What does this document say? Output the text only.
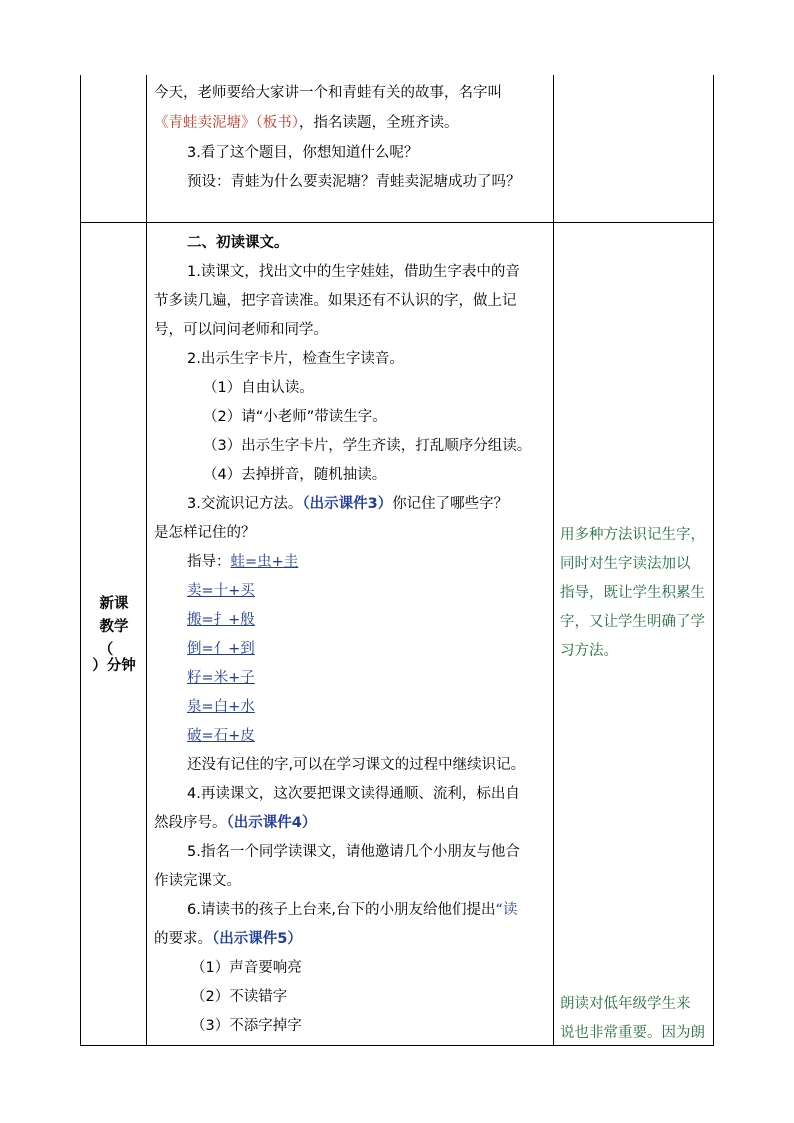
今天，老师要给大家讲一个和青蛙有关的故事，名字叫
《青蛙卖泥塘》（板书），指名读题，全班齐读。
3.看了这个题目，你想知道什么呢？
预设：青蛙为什么要卖泥塘？青蛙卖泥塘成功了吗？
新课
教学
（
）分钟
二、初读课文。
1.读课文，找出文中的生字娃娃，借助生字表中的音
节多读几遍，把字音读准。如果还有不认识的字，做上记
号，可以问问老师和同学。
2.出示生字卡片，检查生字读音。
（1）自由认读。
（2）请“小老师”带读生字。
（3）出示生字卡片，学生齐读，打乱顺序分组读。
（4）去掉拼音，随机抽读。
3.交流识记方法。（出示课件3）你记住了哪些字？
是怎样记住的？
指导：蛙=虫+圭
卖=十+买
搬=扌+般
倒=亻+到
籽=米+子
泉=白+水
破=石+皮
还没有记住的字,可以在学习课文的过程中继续识记。
4.再读课文，这次要把课文读得通顺、流利，标出自
然段序号。（出示课件4）
5.指名一个同学读课文，请他邀请几个小朋友与他合
作读完课文。
6.请读书的孩子上台来,台下的小朋友给他们提出“读
的要求。（出示课件5）
（1）声音要响亮
（2）不读错字
（3）不添字掉字
用多种方法识记生字，
同时对生字读法加以
指导，既让学生积累生
字，又让学生明确了学
习方法。
朗读对低年级学生来
说也非常重要。因为朗
